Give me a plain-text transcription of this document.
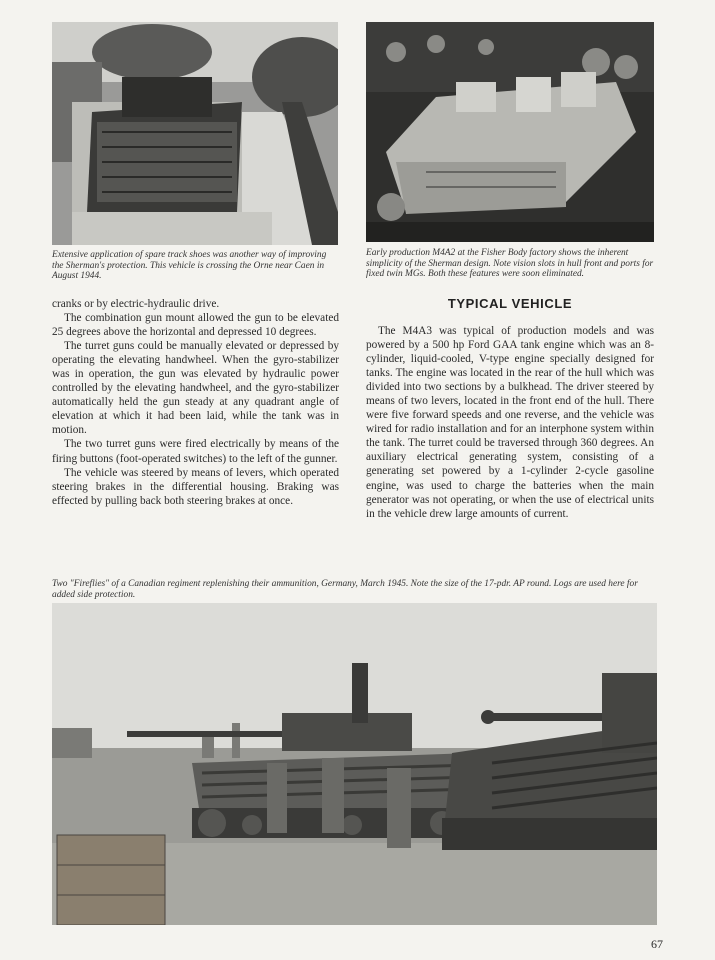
Extensive application of spare track shoes was another way of improving the Sherman's protection. This vehicle is crossing the Orne near Caen in August 1944.
Early production M4A2 at the Fisher Body factory shows the inherent simplicity of the Sherman design. Note vision slots in hull front and ports for fixed twin MGs. Both these features were soon eliminated.

cranks or by electric-hydraulic drive.

The combination gun mount allowed the gun to be elevated 25 degrees above the horizontal and depressed 10 degrees.

The turret guns could be manually elevated or depressed by operating the elevating handwheel. When the gyro-stabilizer was in operation, the gun was elevated by hydraulic power controlled by the elevating handwheel, and the gyro-stabilizer automatically held the gun steady at any quadrant angle of elevation at which it had been laid, while the tank was in motion.

The two turret guns were fired electrically by means of the firing buttons (foot-operated switches) to the left of the gunner.

The vehicle was steered by means of levers, which operated steering brakes in the differential housing. Braking was effected by pulling back both steering brakes at once.

TYPICAL VEHICLE

The M4A3 was typical of production models and was powered by a 500 hp Ford GAA tank engine which was an 8-cylinder, liquid-cooled, V-type engine specially designed for tanks. The engine was located in the rear of the hull which was divided into two sections by a bulkhead. The driver steered by means of two levers, located in the front end of the hull. There were five forward speeds and one reverse, and the vehicle was wired for radio installation and for an interphone system within the tank. The turret could be traversed through 360 degrees. An auxiliary electrical generating system, consisting of a generating set powered by a 1-cylinder 2-cycle gasoline engine, was used to charge the batteries when the main generator was not operating, or when the use of electrical units in the vehicle drew large amounts of current.

Two "Fireflies" of a Canadian regiment replenishing their ammunition, Germany, March 1945. Note the size of the 17-pdr. AP round. Logs are used here for added side protection.
67
